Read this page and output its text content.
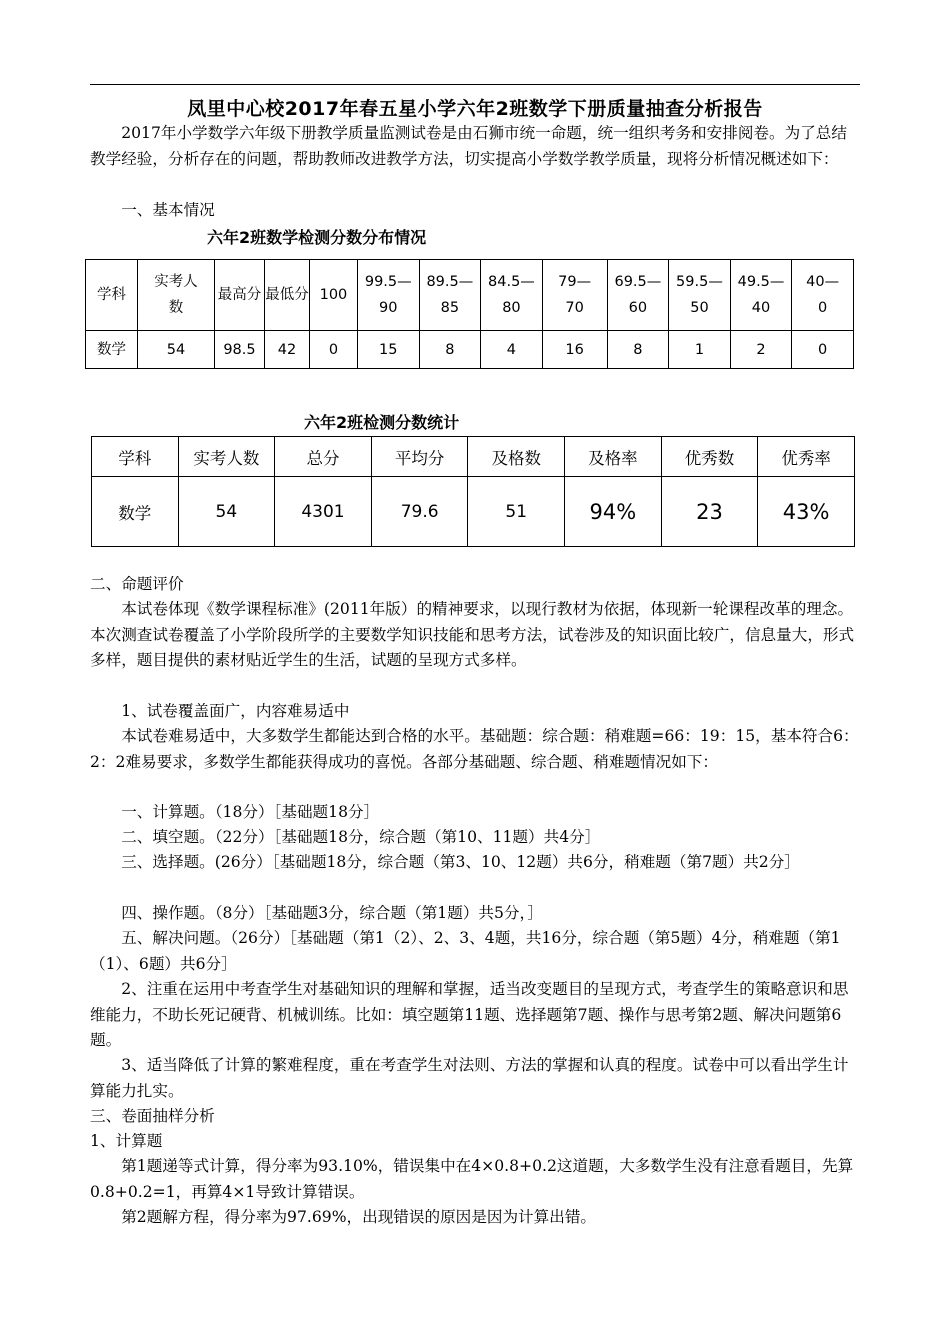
凤里中心校2017年春五星小学六年2班数学下册质量抽查分析报告
2017年小学数学六年级下册教学质量监测试卷是由石狮市统一命题，统一组织考务和安排阅卷。为了总结教学经验，分析存在的问题，帮助教师改进教学方法，切实提高小学数学教学质量，现将分析情况概述如下：
一、基本情况
六年2班数学检测分数分布情况
学科	实考人数	最高分	最低分	100	99.5—90	89.5—85	84.5—80	79—70	69.5—60	59.5—50	49.5—40	40—0
数学	54	98.5	42	0	15	8	4	16	8	1	2	0
六年2班检测分数统计
学科	实考人数	总分	平均分	及格数	及格率	优秀数	优秀率
数学	54	4301	79.6	51	94%	23	43%
二、命题评价
本试卷体现《数学课程标准》(2011年版）的精神要求，以现行教材为依据，体现新一轮课程改革的理念。本次测查试卷覆盖了小学阶段所学的主要数学知识技能和思考方法，试卷涉及的知识面比较广，信息量大，形式多样，题目提供的素材贴近学生的生活，试题的呈现方式多样。
1、试卷覆盖面广，内容难易适中
本试卷难易适中，大多数学生都能达到合格的水平。基础题：综合题：稍难题=66：19：15，基本符合6：2：2难易要求，多数学生都能获得成功的喜悦。各部分基础题、综合题、稍难题情况如下：
一、计算题。（18分）［基础题18分］
二、填空题。（22分）［基础题18分，综合题（第10、11题）共4分］
三、选择题。(26分）［基础题18分，综合题（第3、10、12题）共6分，稍难题（第7题）共2分］
四、操作题。（8分）［基础题3分，综合题（第1题）共5分，］
五、解决问题。（26分）［基础题（第1（2）、2、3、4题，共16分，综合题（第5题）4分，稍难题（第1（1）、6题）共6分］
2、注重在运用中考查学生对基础知识的理解和掌握，适当改变题目的呈现方式，考查学生的策略意识和思维能力，不助长死记硬背、机械训练。比如：填空题第11题、选择题第7题、操作与思考第2题、解决问题第6题。
3、适当降低了计算的繁难程度，重在考查学生对法则、方法的掌握和认真的程度。试卷中可以看出学生计算能力扎实。
三、卷面抽样分析
1、计算题
第1题递等式计算，得分率为93.10%，错误集中在4×0.8+0.2这道题，大多数学生没有注意看题目，先算0.8+0.2=1，再算4×1导致计算错误。
第2题解方程，得分率为97.69%，出现错误的原因是因为计算出错。
